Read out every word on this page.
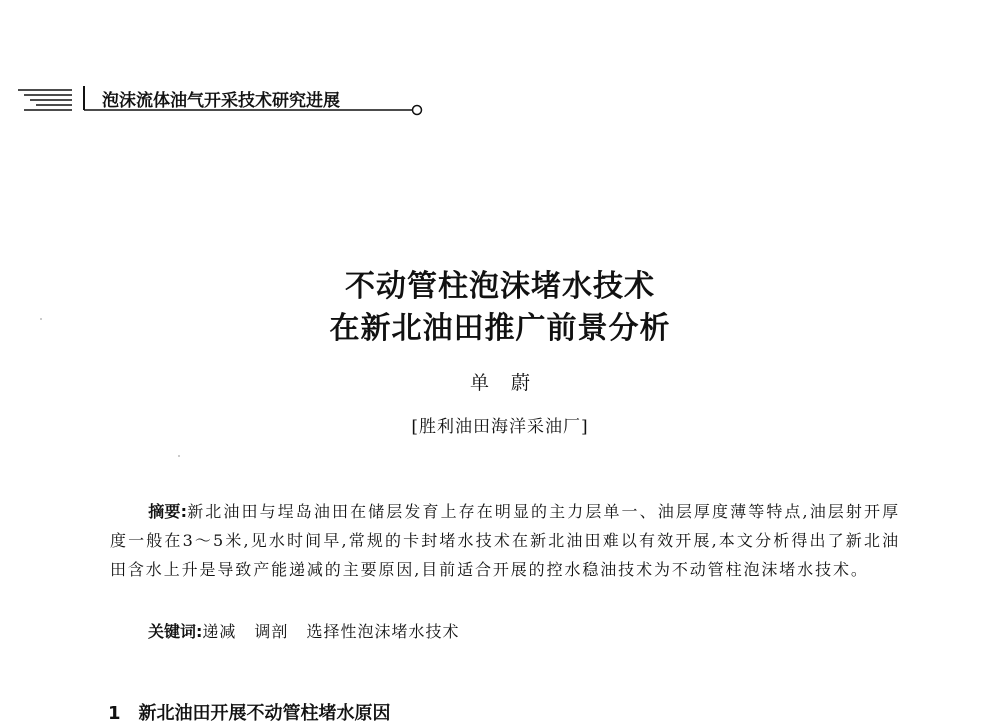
泡沫流体油气开采技术研究进展
不动管柱泡沫堵水技术
在新北油田推广前景分析
单蔚
[胜利油田海洋采油厂]
摘要:新北油田与埕岛油田在储层发育上存在明显的主力层单一、油层厚度薄等特点,油层射开厚度一般在3～5米,见水时间早,常规的卡封堵水技术在新北油田难以有效开展,本文分析得出了新北油田含水上升是导致产能递减的主要原因,目前适合开展的控水稳油技术为不动管柱泡沫堵水技术。
关键词:递减 调剖 选择性泡沫堵水技术
1　新北油田开展不动管柱堵水原因
